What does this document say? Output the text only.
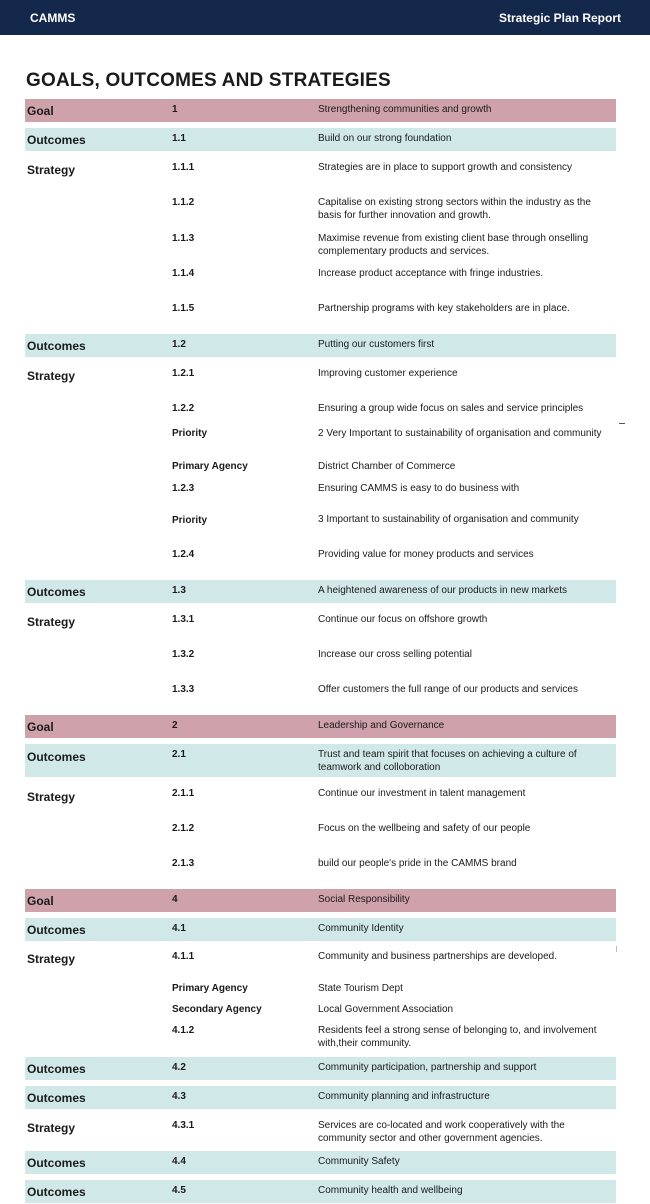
CAMMS	Strategic Plan Report
GOALS, OUTCOMES AND STRATEGIES
Goal	1	Strengthening communities and growth
Outcomes	1.1	Build on our strong foundation
Strategy	1.1.1	Strategies are in place to support growth and consistency
1.1.2	Capitalise on existing strong sectors within the industry as the basis for further innovation and growth.
1.1.3	Maximise revenue from existing client base through onselling complementary products and services.
1.1.4	Increase product acceptance with fringe industries.
1.1.5	Partnership programs with key stakeholders are in place.
Outcomes	1.2	Putting our customers first
Strategy	1.2.1	Improving customer experience
1.2.2	Ensuring a group wide focus on sales and service principles
Priority	2 Very Important to sustainability of organisation and community
Primary Agency	District Chamber of Commerce
1.2.3	Ensuring CAMMS is easy to do business with
Priority	3 Important to sustainability of organisation and community
1.2.4	Providing value for money products and services
Outcomes	1.3	A heightened awareness of our products in new markets
Strategy	1.3.1	Continue our focus on offshore growth
1.3.2	Increase our cross selling potential
1.3.3	Offer customers the full range of our products and services
Goal	2	Leadership and Governance
Outcomes	2.1	Trust and team spirit that focuses on achieving a culture of teamwork and colloboration
Strategy	2.1.1	Continue our investment in talent management
2.1.2	Focus on the wellbeing and safety of our people
2.1.3	build our people's pride in the CAMMS brand
Goal	4	Social Responsibility
Outcomes	4.1	Community Identity
Strategy	4.1.1	Community and business partnerships are developed.
Primary Agency	State Tourism Dept
Secondary Agency	Local Government Association
4.1.2	Residents feel a strong sense of belonging to, and involvement with,their community.
Outcomes	4.2	Community participation, partnership and support
Outcomes	4.3	Community planning and infrastructure
Strategy	4.3.1	Services are co-located and work cooperatively with the community sector and other government agencies.
Outcomes	4.4	Community Safety
Outcomes	4.5	Community health and wellbeing
